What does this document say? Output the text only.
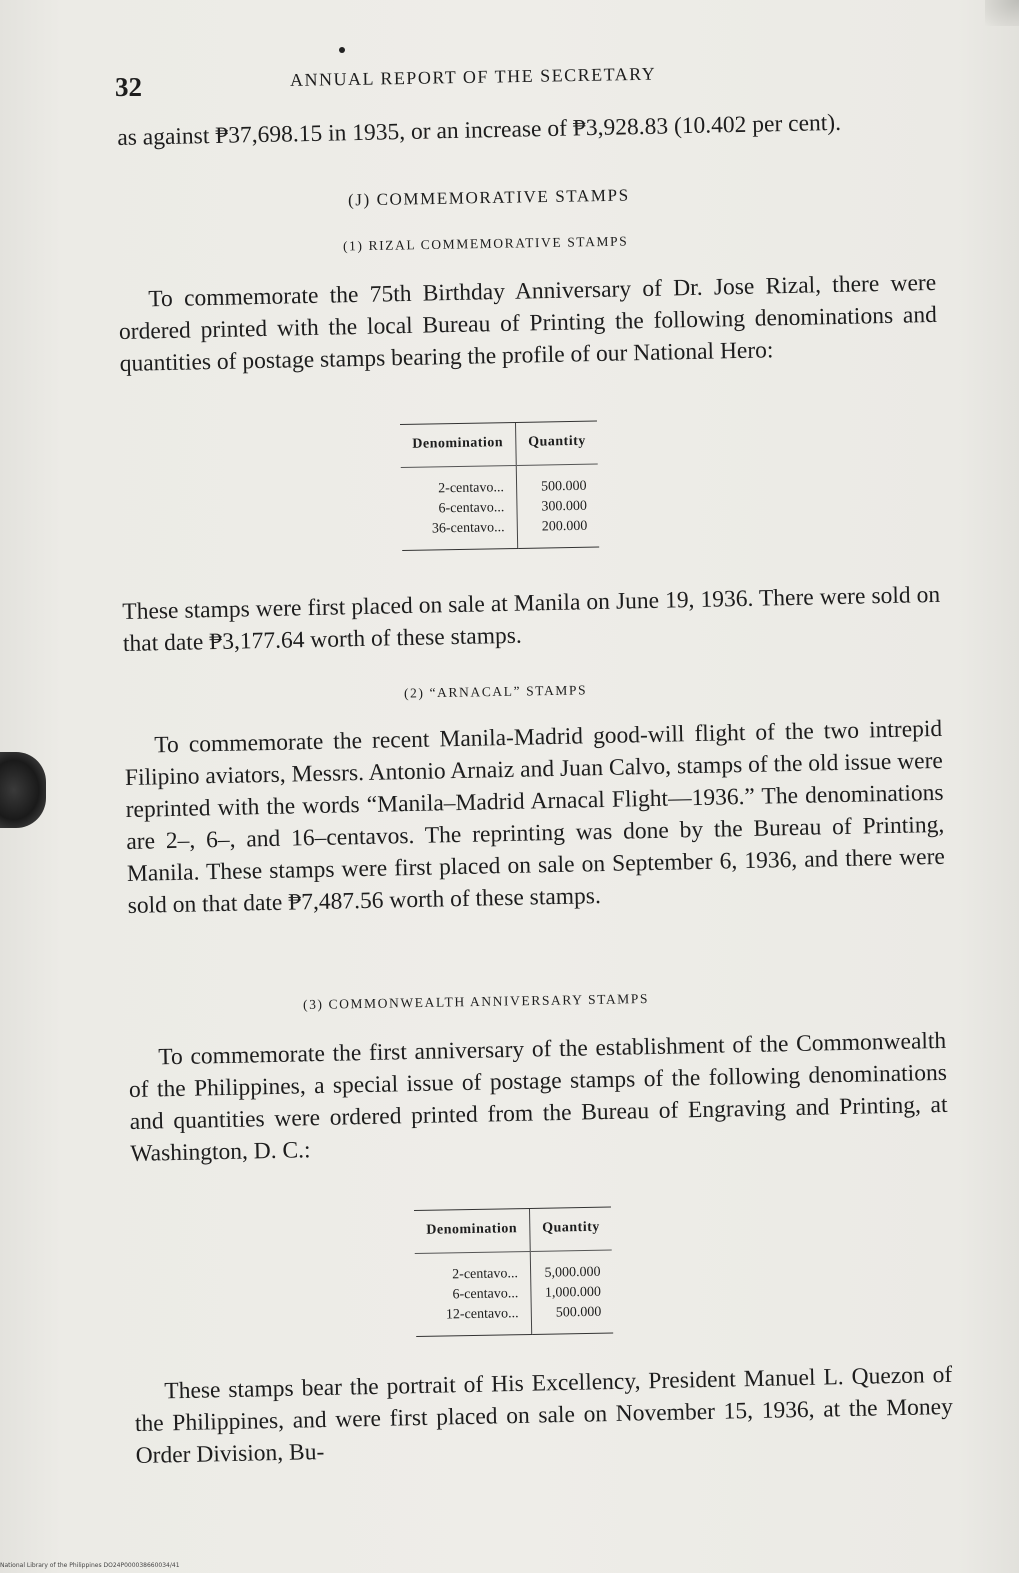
32	ANNUAL REPORT OF THE SECRETARY
as against ₱37,698.15 in 1935, or an increase of ₱3,928.83 (10.402 per cent).
(J) COMMEMORATIVE STAMPS
(1) RIZAL COMMEMORATIVE STAMPS
To commemorate the 75th Birthday Anniversary of Dr. Jose Rizal, there were ordered printed with the local Bureau of Printing the following denominations and quantities of postage stamps bearing the profile of our National Hero:
Denomination	Quantity
2-centavo...	500.000
6-centavo...	300.000
36-centavo...	200.000
These stamps were first placed on sale at Manila on June 19, 1936. There were sold on that date ₱3,177.64 worth of these stamps.
(2) “ARNACAL” STAMPS
To commemorate the recent Manila-Madrid good-will flight of the two intrepid Filipino aviators, Messrs. Antonio Arnaiz and Juan Calvo, stamps of the old issue were reprinted with the words “Manila–Madrid Arnacal Flight—1936.” The denominations are 2–, 6–, and 16–centavos. The reprinting was done by the Bureau of Printing, Manila. These stamps were first placed on sale on September 6, 1936, and there were sold on that date ₱7,487.56 worth of these stamps.
(3) COMMONWEALTH ANNIVERSARY STAMPS
To commemorate the first anniversary of the establishment of the Commonwealth of the Philippines, a special issue of postage stamps of the following denominations and quantities were ordered printed from the Bureau of Engraving and Printing, at Washington, D. C.:
Denomination	Quantity
2-centavo...	5,000.000
6-centavo...	1,000.000
12-centavo...	500.000
These stamps bear the portrait of His Excellency, President Manuel L. Quezon of the Philippines, and were first placed on sale on November 15, 1936, at the Money Order Division, Bu-
National Library of the Philippines DO24P000038660034/41
